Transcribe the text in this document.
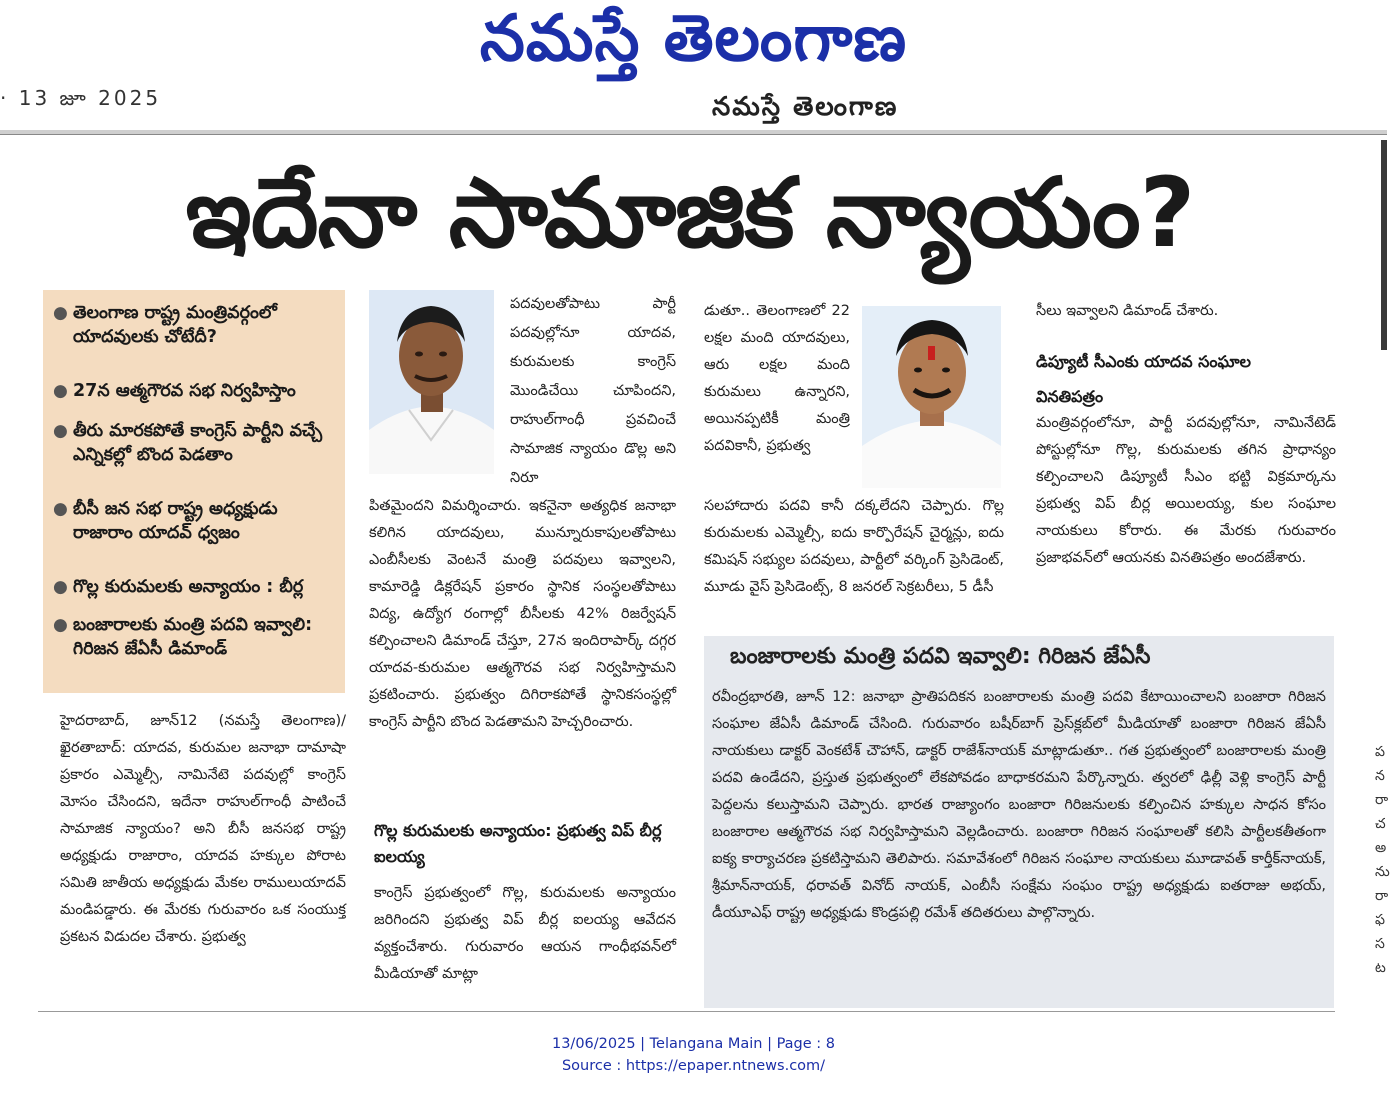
నమస్తే తెలంగాణ
· 13 జూ 2025	నమస్తే తెలంగాణ
ఇదేనా సామాజిక న్యాయం?
● తెలంగాణ రాష్ట్ర మంత్రివర్గంలో యాదవులకు చోటేదీ?
● 27న ఆత్మగౌరవ సభ నిర్వహిస్తాం
● తీరు మారకపోతే కాంగ్రెస్ పార్టీని వచ్చే ఎన్నికల్లో బొంద పెడతాం
● బీసీ జన సభ రాష్ట్ర అధ్యక్షుడు రాజారాం యాదవ్ ధ్వజం
● గొల్ల కురుమలకు అన్యాయం : బీర్ల
● బంజారాలకు మంత్రి పదవి ఇవ్వాలి: గిరిజన జేఏసీ డిమాండ్
హైదరాబాద్, జూన్12 (నమస్తే తెలంగాణ)/ఖైరతాబాద్: యాదవ, కురుమల జనాభా దామాషా ప్రకారం ఎమ్మెల్సీ, నామినేటె పదవుల్లో కాంగ్రెస్ మోసం చేసిందని, ఇదేనా రాహుల్‌గాంధీ పాటించే సామాజిక న్యాయం? అని బీసీ జనసభ రాష్ట్ర అధ్యక్షుడు రాజారాం, యాదవ హక్కుల పోరాట సమితి జాతీయ అధ్యక్షుడు మేకల రాములుయాదవ్ మండిపడ్డారు. ఈ మేరకు గురువారం ఒక సంయుక్త ప్రకటన విడుదల చేశారు. ప్రభుత్వ
పదవులతోపాటు పార్టీ పదవుల్లోనూ యాదవ, కురుమలకు కాంగ్రెస్ మొండిచేయి చూపిందని, రాహుల్‌గాంధీ ప్రవచించే సామాజిక న్యాయం డొల్ల అని నిరూ
పితమైందని విమర్శించారు. ఇకనైనా అత్యధిక జనాభా కలిగిన యాదవులు, మున్నూరుకాపులతోపాటు ఎంబీసీలకు వెంటనే మంత్రి పదవులు ఇవ్వాలని, కామారెడ్డి డిక్లరేషన్ ప్రకారం స్థానిక సంస్థలతోపాటు విద్య, ఉద్యోగ రంగాల్లో బీసీలకు 42% రిజర్వేషన్ కల్పించాలని డిమాండ్ చేస్తూ, 27న ఇందిరాపార్క్ దగ్గర యాదవ-కురుమల ఆత్మగౌరవ సభ నిర్వహిస్తామని ప్రకటించారు. ప్రభుత్వం దిగిరాకపోతే స్థానికసంస్థల్లో కాంగ్రెస్ పార్టీని బొంద పెడతామని హెచ్చరించారు.
గొల్ల కురుమలకు అన్యాయం: ప్రభుత్వ విప్ బీర్ల ఐలయ్య
కాంగ్రెస్ ప్రభుత్వంలో గొల్ల, కురుమలకు అన్యాయం జరిగిందని ప్రభుత్వ విప్ బీర్ల ఐలయ్య ఆవేదన వ్యక్తంచేశారు. గురువారం ఆయన గాంధీభవన్‌లో మీడియాతో మాట్లా
డుతూ.. తెలంగాణలో 22 లక్షల మంది యాదవులు, ఆరు లక్షల మంది కురుమలు ఉన్నారని, అయినప్పటికీ మంత్రి పదవికానీ, ప్రభుత్వ
సలహాదారు పదవి కానీ దక్కలేదని చెప్పారు. గొల్ల కురుమలకు ఎమ్మెల్సీ, ఐదు కార్పొరేషన్ చైర్మన్లు, ఐదు కమిషన్ సభ్యుల పదవులు, పార్టీలో వర్కింగ్ ప్రెసిడెంట్, మూడు వైస్ ప్రెసిడెంట్స్, 8 జనరల్ సెక్రటరీలు, 5 డీసీ
సీలు ఇవ్వాలని డిమాండ్ చేశారు.
డిప్యూటీ సీఎంకు యాదవ సంఘాల వినతిపత్రం
మంత్రివర్గంలోనూ, పార్టీ పదవుల్లోనూ, నామినేటెడ్ పోస్టుల్లోనూ గొల్ల, కురుమలకు తగిన ప్రాధాన్యం కల్పించాలని డిప్యూటీ సీఎం భట్టి విక్రమార్కను ప్రభుత్వ విప్ బీర్ల అయిలయ్య, కుల సంఘాల నాయకులు కోరారు. ఈ మేరకు గురువారం ప్రజాభవన్‌లో ఆయనకు వినతిపత్రం అందజేశారు.
బంజారాలకు మంత్రి పదవి ఇవ్వాలి: గిరిజన జేఏసీ
రవీంద్రభారతి, జూన్ 12: జనాభా ప్రాతిపదికన బంజారాలకు మంత్రి పదవి కేటాయించాలని బంజారా గిరిజన సంఘాల జేఏసీ డిమాండ్ చేసింది. గురువారం బషీర్‌బాగ్ ప్రెస్‌క్లబ్‌లో మీడియాతో బంజారా గిరిజన జేఏసీ నాయకులు డాక్టర్ వెంకటేశ్ చౌహాన్, డాక్టర్ రాజేశ్‌నాయక్ మాట్లాడుతూ.. గత ప్రభుత్వంలో బంజారాలకు మంత్రి పదవి ఉండేదని, ప్రస్తుత ప్రభుత్వంలో లేకపోవడం బాధాకరమని పేర్కొన్నారు. త్వరలో ఢిల్లీ వెళ్లి కాంగ్రెస్ పార్టీ పెద్దలను కలుస్తామని చెప్పారు. భారత రాజ్యాంగం బంజారా గిరిజనులకు కల్పించిన హక్కుల సాధన కోసం బంజారాల ఆత్మగౌరవ సభ నిర్వహిస్తామని వెల్లడించారు. బంజారా గిరిజన సంఘాలతో కలిసి పార్టీలకతీతంగా ఐక్య కార్యాచరణ ప్రకటిస్తామని తెలిపారు. సమావేశంలో గిరిజన సంఘాల నాయకులు మూడావత్ కార్తీక్‌నాయక్, శ్రీమాన్‌నాయక్, ధరావత్ వినోద్ నాయక్, ఎంబీసీ సంక్షేమ సంఘం రాష్ట్ర అధ్యక్షుడు ఐతరాజు అభయ్, డీయూఎఫ్ రాష్ట్ర అధ్యక్షుడు కొండ్రపల్లి రమేశ్ తదితరులు పాల్గొన్నారు.
ప
న
రా
చ
అ
ను
రా
ఫ
స
ట
13/06/2025 | Telangana Main | Page : 8
Source : https://epaper.ntnews.com/
